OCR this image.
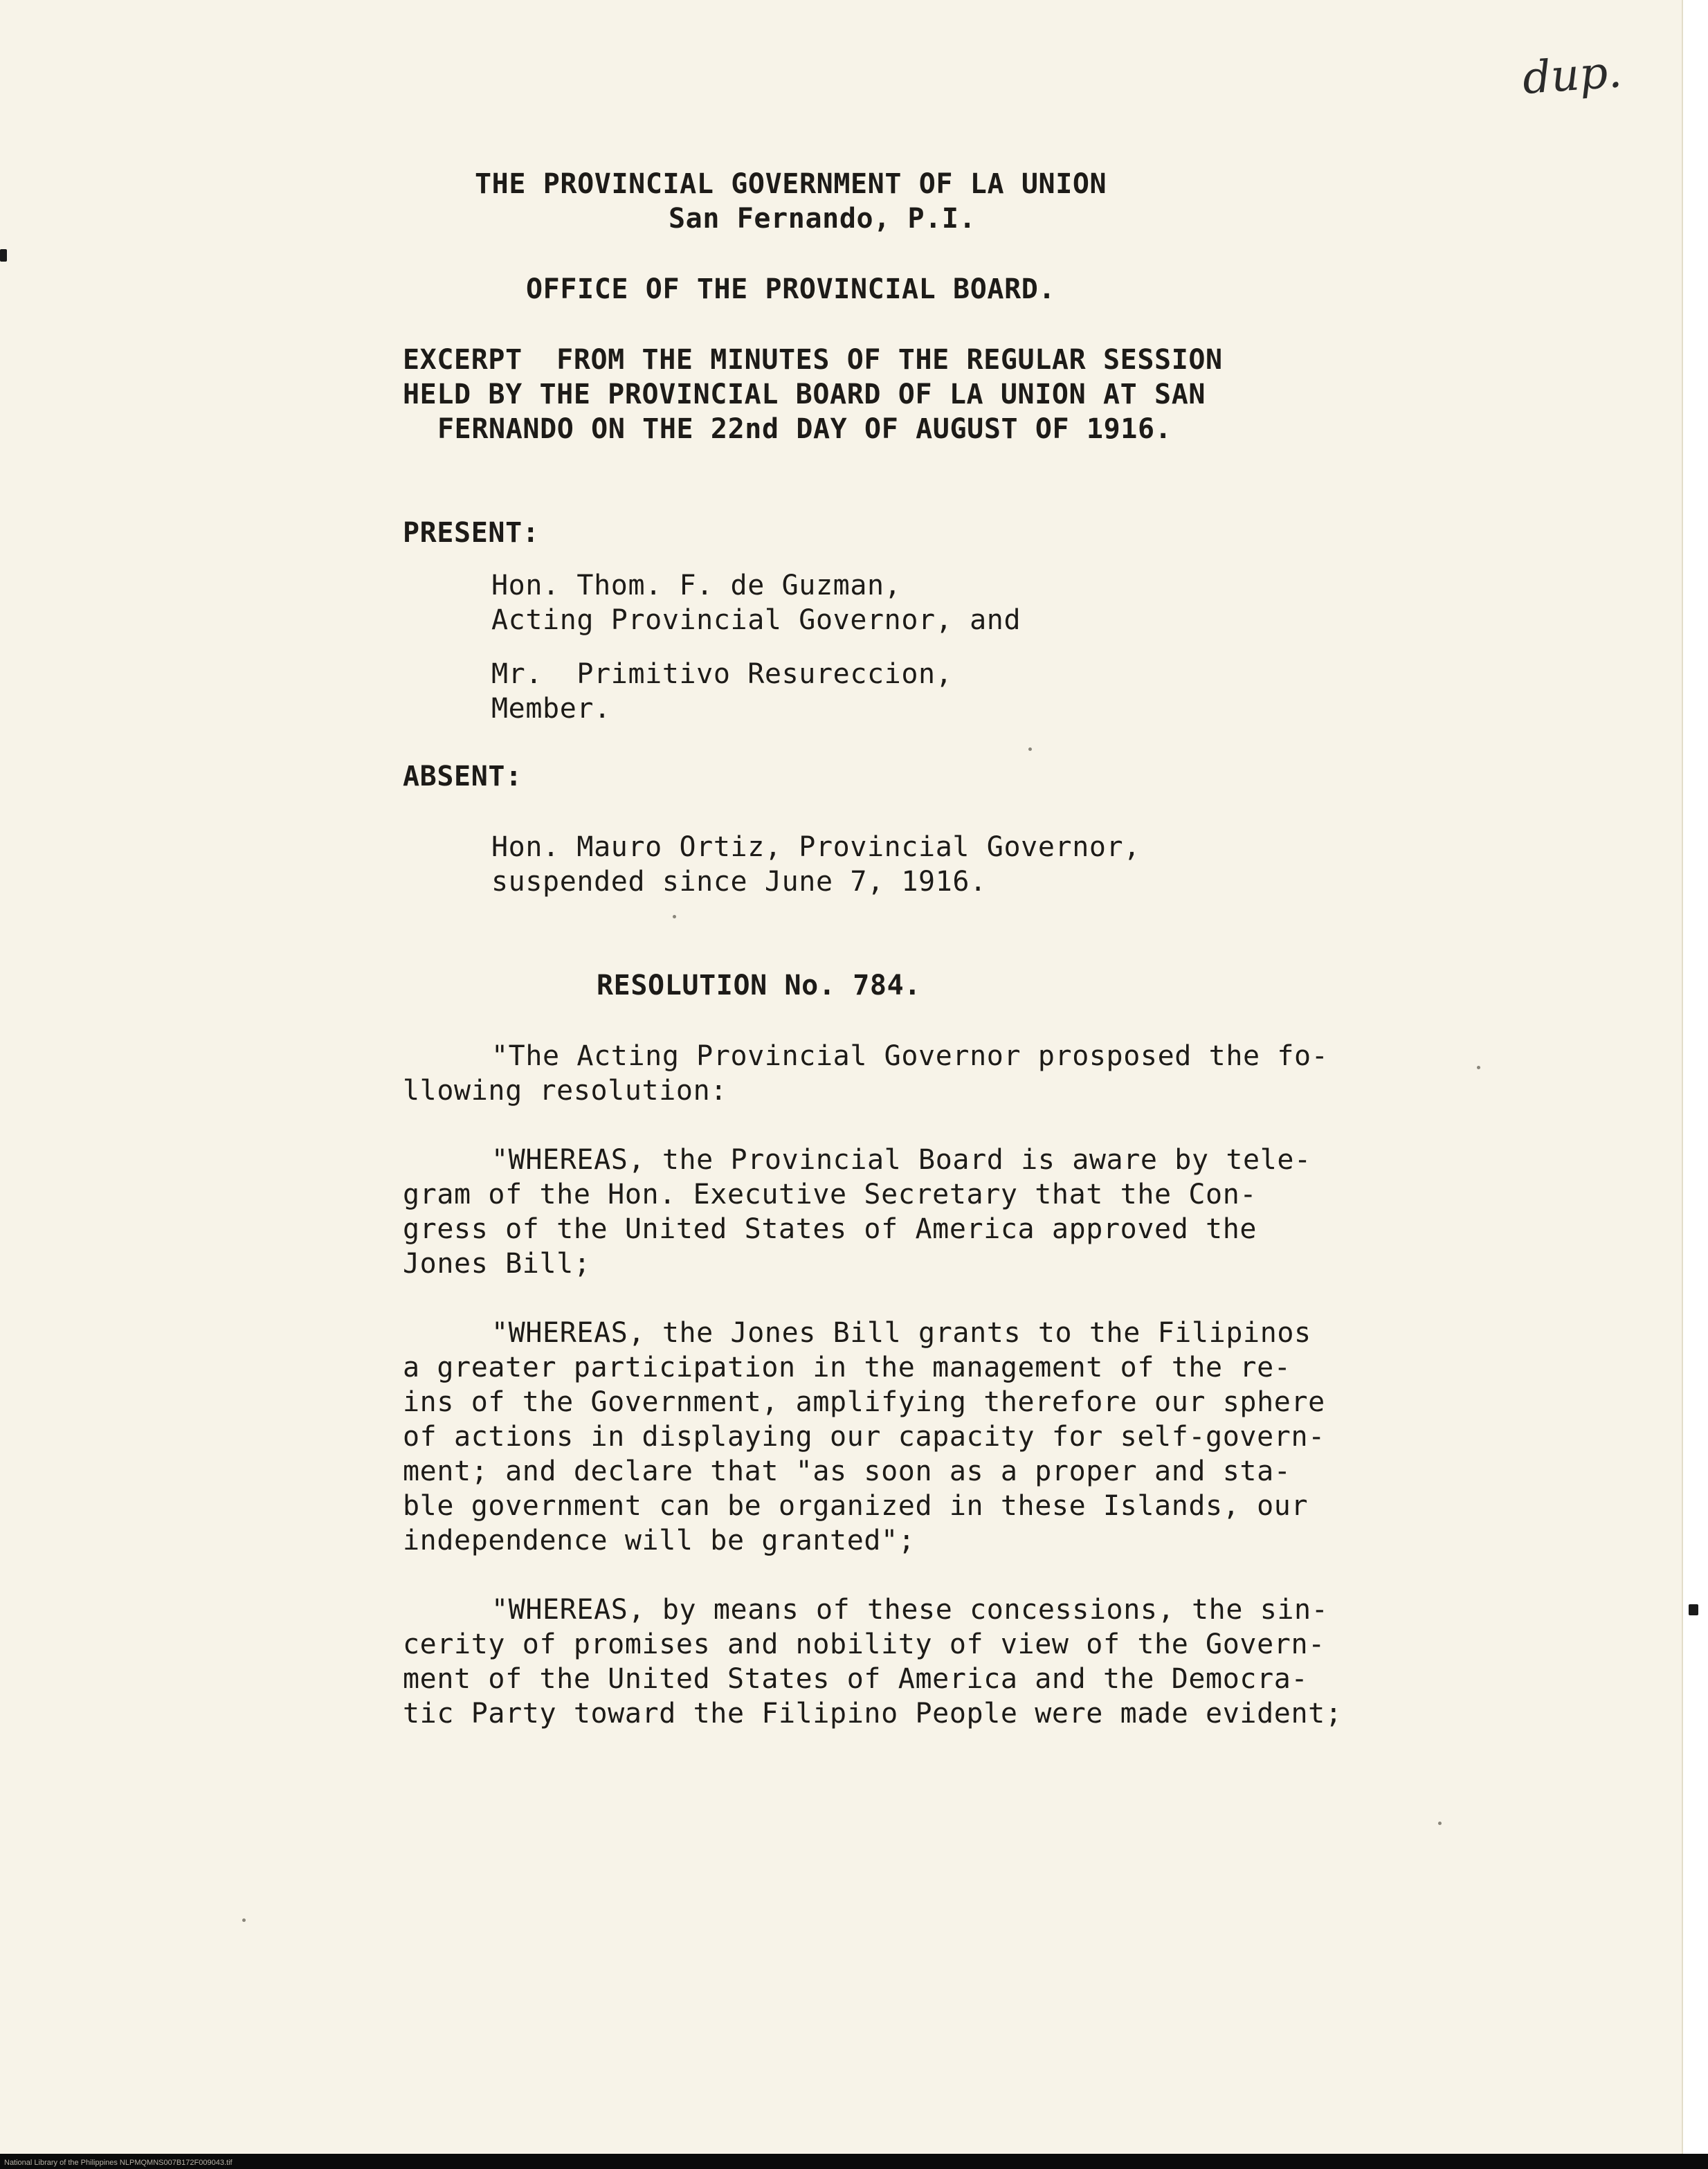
dup.
THE PROVINCIAL GOVERNMENT OF LA UNION
San Fernando, P.I.
OFFICE OF THE PROVINCIAL BOARD.
EXCERPT  FROM THE MINUTES OF THE REGULAR SESSION
HELD BY THE PROVINCIAL BOARD OF LA UNION AT SAN
FERNANDO ON THE 22nd DAY OF AUGUST OF 1916.
PRESENT:
Hon. Thom. F. de Guzman,
Acting Provincial Governor, and
Mr.  Primitivo Resureccion,
Member.
ABSENT:
Hon. Mauro Ortiz, Provincial Governor,
suspended since June 7, 1916.
RESOLUTION No. 784.
"The Acting Provincial Governor prosposed the fo-
llowing resolution:
"WHEREAS, the Provincial Board is aware by tele-
gram of the Hon. Executive Secretary that the Con-
gress of the United States of America approved the
Jones Bill;
"WHEREAS, the Jones Bill grants to the Filipinos
a greater participation in the management of the re-
ins of the Government, amplifying therefore our sphere
of actions in displaying our capacity for self-govern-
ment; and declare that "as soon as a proper and sta-
ble government can be organized in these Islands, our
independence will be granted";
"WHEREAS, by means of these concessions, the sin-
cerity of promises and nobility of view of the Govern-
ment of the United States of America and the Democra-
tic Party toward the Filipino People were made evident;
National Library of the Philippines NLPMQMNS007B172F009043.tif
